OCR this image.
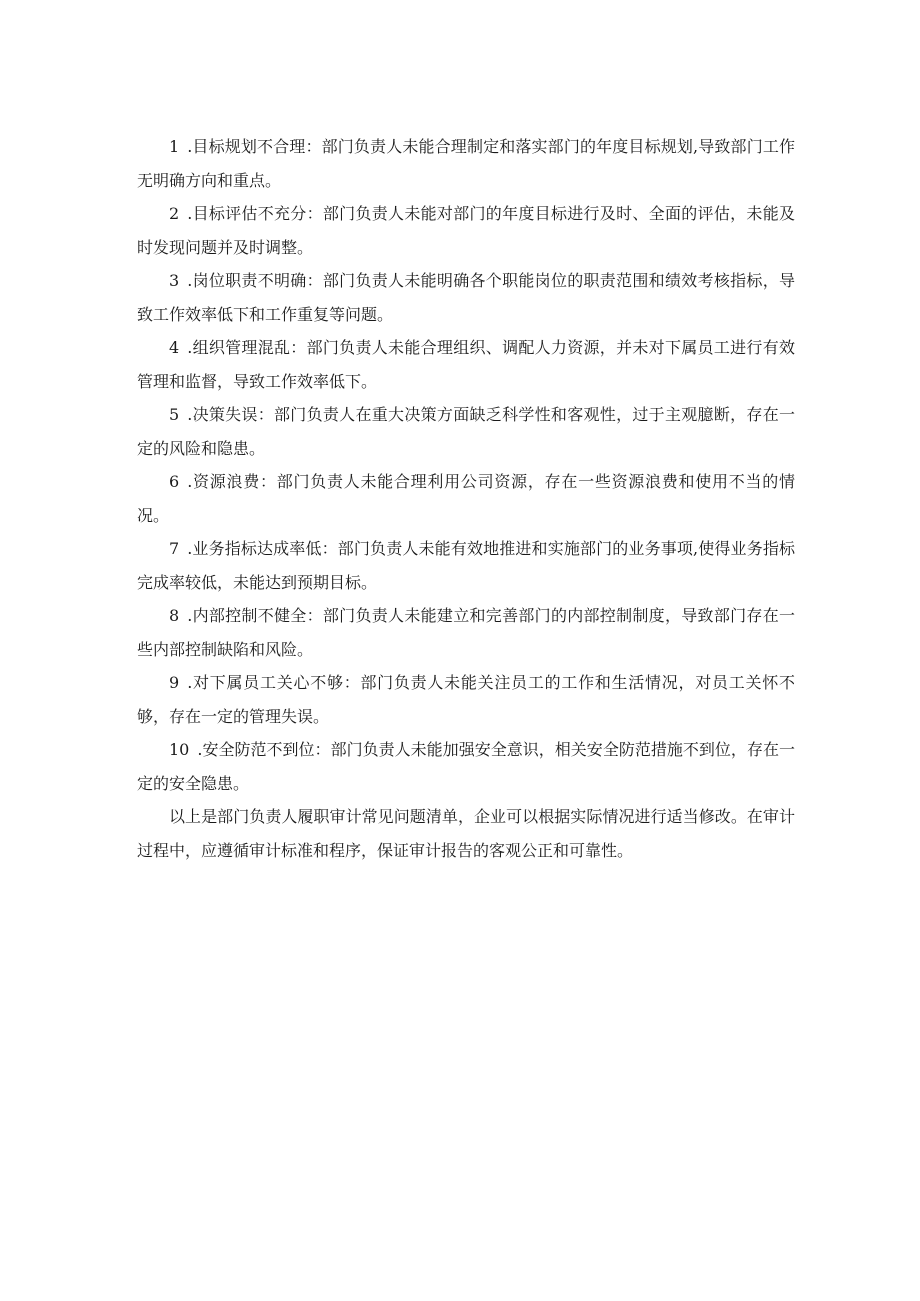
1 .目标规划不合理：部门负责人未能合理制定和落实部门的年度目标规划,导致部门工作无明确方向和重点。

2 .目标评估不充分：部门负责人未能对部门的年度目标进行及时、全面的评估，未能及时发现问题并及时调整。

3 .岗位职责不明确：部门负责人未能明确各个职能岗位的职责范围和绩效考核指标，导致工作效率低下和工作重复等问题。

4 .组织管理混乱：部门负责人未能合理组织、调配人力资源，并未对下属员工进行有效管理和监督，导致工作效率低下。

5 .决策失误：部门负责人在重大决策方面缺乏科学性和客观性，过于主观臆断，存在一定的风险和隐患。

6 .资源浪费：部门负责人未能合理利用公司资源，存在一些资源浪费和使用不当的情况。

7 .业务指标达成率低：部门负责人未能有效地推进和实施部门的业务事项,使得业务指标完成率较低，未能达到预期目标。

8 .内部控制不健全：部门负责人未能建立和完善部门的内部控制制度，导致部门存在一些内部控制缺陷和风险。

9 .对下属员工关心不够：部门负责人未能关注员工的工作和生活情况，对员工关怀不够，存在一定的管理失误。

10 .安全防范不到位：部门负责人未能加强安全意识，相关安全防范措施不到位，存在一定的安全隐患。

以上是部门负责人履职审计常见问题清单，企业可以根据实际情况进行适当修改。在审计过程中，应遵循审计标准和程序，保证审计报告的客观公正和可靠性。
